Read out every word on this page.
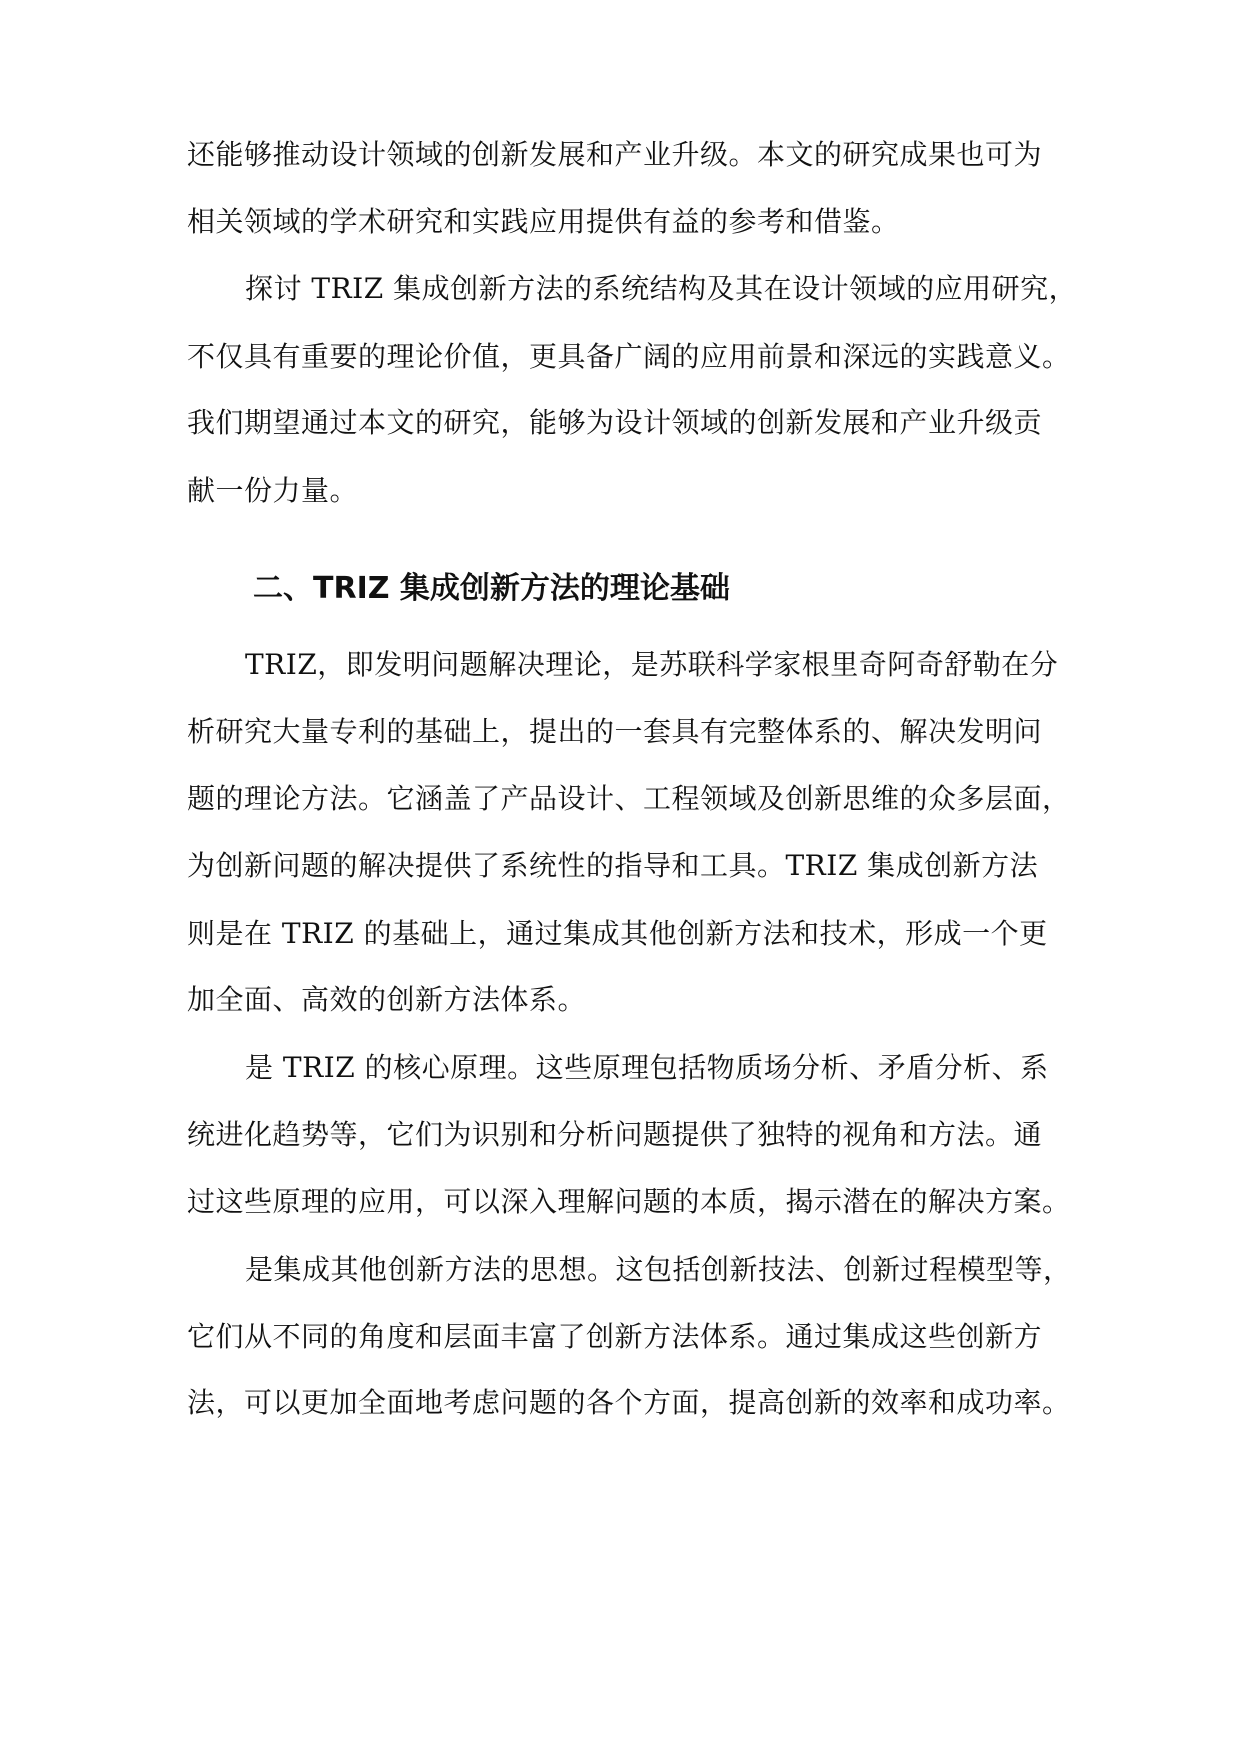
还能够推动设计领域的创新发展和产业升级。本文的研究成果也可为
相关领域的学术研究和实践应用提供有益的参考和借鉴。
探讨 TRIZ 集成创新方法的系统结构及其在设计领域的应用研究，
不仅具有重要的理论价值，更具备广阔的应用前景和深远的实践意义。
我们期望通过本文的研究，能够为设计领域的创新发展和产业升级贡
献一份力量。
二、TRIZ 集成创新方法的理论基础
TRIZ，即发明问题解决理论，是苏联科学家根里奇阿奇舒勒在分
析研究大量专利的基础上，提出的一套具有完整体系的、解决发明问
题的理论方法。它涵盖了产品设计、工程领域及创新思维的众多层面，
为创新问题的解决提供了系统性的指导和工具。TRIZ 集成创新方法
则是在 TRIZ 的基础上，通过集成其他创新方法和技术，形成一个更
加全面、高效的创新方法体系。
是 TRIZ 的核心原理。这些原理包括物质场分析、矛盾分析、系
统进化趋势等，它们为识别和分析问题提供了独特的视角和方法。通
过这些原理的应用，可以深入理解问题的本质，揭示潜在的解决方案。
是集成其他创新方法的思想。这包括创新技法、创新过程模型等，
它们从不同的角度和层面丰富了创新方法体系。通过集成这些创新方
法，可以更加全面地考虑问题的各个方面，提高创新的效率和成功率。
